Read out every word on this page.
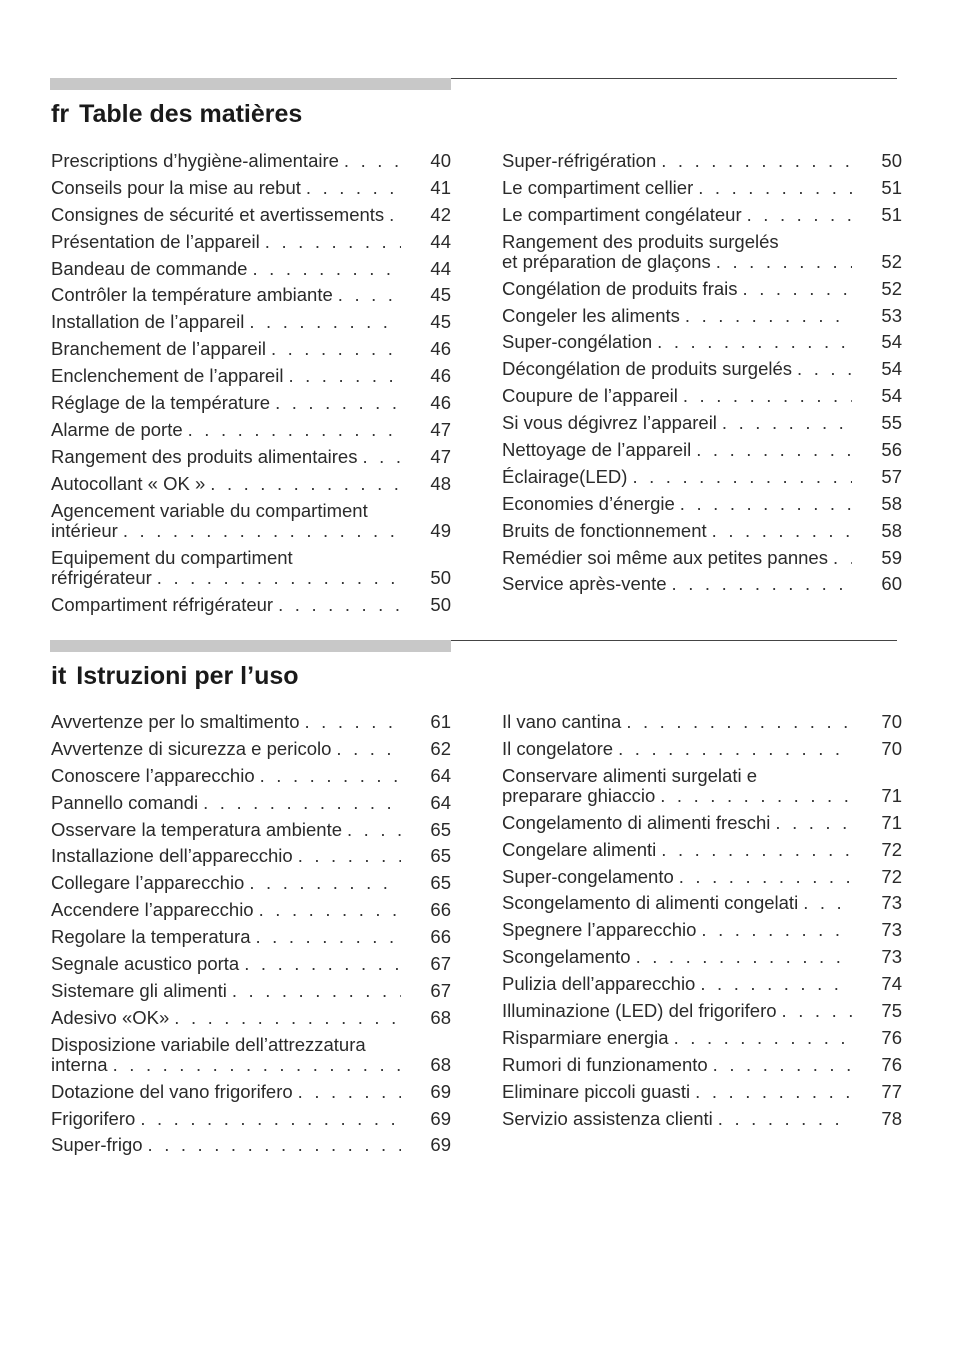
fr Table des matières
Prescriptions d’hygiène-alimentaire . . .	40
Conseils pour la mise au rebut . . .	41
Consignes de sécurité et avertissements . . .	42
Présentation de l’appareil . . .	44
Bandeau de commande . . .	44
Contrôler la température ambiante . . .	45
Installation de l’appareil . . .	45
Branchement de l’appareil . . .	46
Enclenchement de l’appareil . . .	46
Réglage de la température . . .	46
Alarme de porte . . .	47
Rangement des produits alimentaires . . .	47
Autocollant « OK » . . .	48
Agencement variable du compartiment
intérieur . . .	49
Equipement du compartiment
réfrigérateur . . .	50
Compartiment réfrigérateur . . .	50
Super-réfrigération . . .	50
Le compartiment cellier . . .	51
Le compartiment congélateur . . .	51
Rangement des produits surgelés
et préparation de glaçons . . .	52
Congélation de produits frais . . .	52
Congeler les aliments . . .	53
Super-congélation . . .	54
Décongélation de produits surgelés . . .	54
Coupure de l’appareil . . .	54
Si vous dégivrez l’appareil . . .	55
Nettoyage de l’appareil . . .	56
Éclairage(LED) . . .	57
Economies d’énergie . . .	58
Bruits de fonctionnement . . .	58
Remédier soi même aux petites pannes . . .	59
Service après-vente . . .	60
it Istruzioni per l’uso
Avvertenze per lo smaltimento . . .	61
Avvertenze di sicurezza e pericolo . . .	62
Conoscere l’apparecchio . . .	64
Pannello comandi . . .	64
Osservare la temperatura ambiente . . .	65
Installazione dell’apparecchio . . .	65
Collegare l’apparecchio . . .	65
Accendere l’apparecchio . . .	66
Regolare la temperatura . . .	66
Segnale acustico porta . . .	67
Sistemare gli alimenti . . .	67
Adesivo «OK» . . .	68
Disposizione variabile dell’attrezzatura
interna . . .	68
Dotazione del vano frigorifero . . .	69
Frigorifero . . .	69
Super-frigo . . .	69
Il vano cantina . . .	70
Il congelatore . . .	70
Conservare alimenti surgelati e
preparare ghiaccio . . .	71
Congelamento di alimenti freschi . . .	71
Congelare alimenti . . .	72
Super-congelamento . . .	72
Scongelamento di alimenti congelati . . .	73
Spegnere l’apparecchio . . .	73
Scongelamento . . .	73
Pulizia dell’apparecchio . . .	74
Illuminazione (LED) del frigorifero . . .	75
Risparmiare energia . . .	76
Rumori di funzionamento . . .	76
Eliminare piccoli guasti . . .	77
Servizio assistenza clienti . . .	78
